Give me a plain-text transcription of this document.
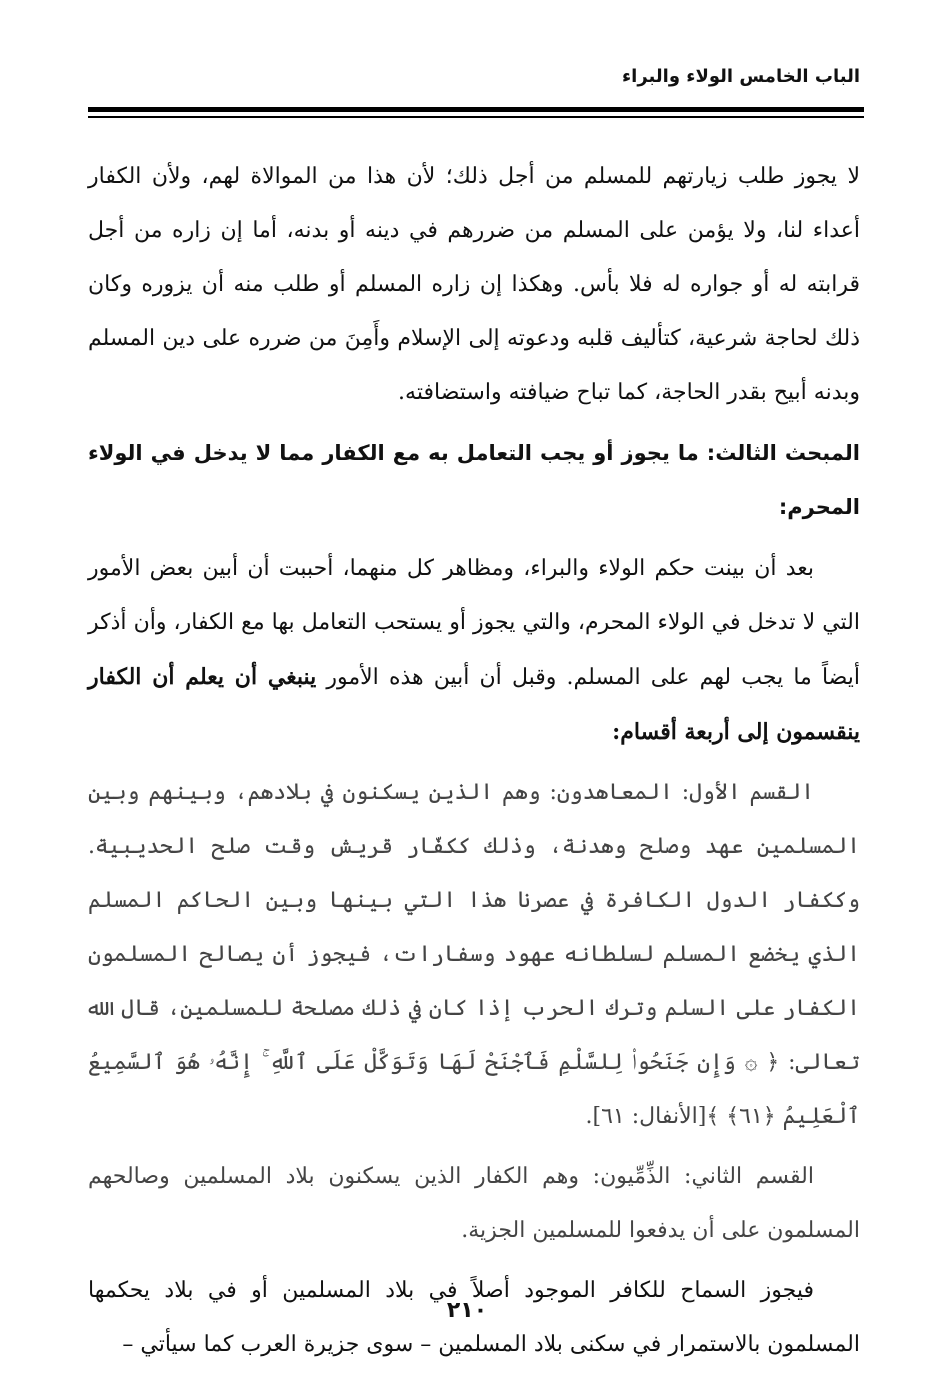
الباب الخامس الولاء والبراء

لا يجوز طلب زيارتهم للمسلم من أجل ذلك؛ لأن هذا من الموالاة لهم، ولأن الكفار أعداء لنا، ولا يؤمن على المسلم من ضررهم في دينه أو بدنه، أما إن زاره من أجل قرابته له أو جواره له فلا بأس. وهكذا إن زاره المسلم أو طلب منه أن يزوره وكان ذلك لحاجة شرعية، كتأليف قلبه ودعوته إلى الإسلام وأَمِنَ من ضرره على دين المسلم وبدنه أبيح بقدر الحاجة، كما تباح ضيافته واستضافته.

المبحث الثالث: ما يجوز أو يجب التعامل به مع الكفار مما لا يدخل في الولاء المحرم:

بعد أن بينت حكم الولاء والبراء، ومظاهر كل منهما، أحببت أن أبين بعض الأمور التي لا تدخل في الولاء المحرم، والتي يجوز أو يستحب التعامل بها مع الكفار، وأن أذكر أيضاً ما يجب لهم على المسلم. وقبل أن أبين هذه الأمور ينبغي أن يعلم أن الكفار ينقسمون إلى أربعة أقسام:

القسم الأول: المعاهدون: وهم الذين يسكنون في بلادهم، وبينهم وبين المسلمين عهد وصلح وهدنة، وذلك ككفّار قريش وقت صلح الحديبية. وككفار الدول الكافرة في عصرنا هذا التي بينها وبين الحاكم المسلم الذي يخضع المسلم لسلطانه عهود وسفارات، فيجوز أن يصالح المسلمون الكفار على السلم وترك الحرب إذا كان في ذلك مصلحة للمسلمين، قال الله تعالى: ﴿ ۞ وَإِن جَنَحُوا۟ لِلسَّلْمِ فَٱجْنَحْ لَهَا وَتَوَكَّلْ عَلَى ٱللَّهِ ۚ إِنَّهُۥ هُوَ ٱلسَّمِيعُ ٱلْعَلِيمُ ﴿٦١﴾ ﴾[الأنفال: ٦١].

القسم الثاني: الذِّمِّيون: وهم الكفار الذين يسكنون بلاد المسلمين وصالحهم المسلمون على أن يدفعوا للمسلمين الجزية.

فيجوز السماح للكافر الموجود أصلاً في بلاد المسلمين أو في بلاد يحكمها المسلمون بالاستمرار في سكنى بلاد المسلمين – سوى جزيرة العرب كما سيأتي –

٢١٠
